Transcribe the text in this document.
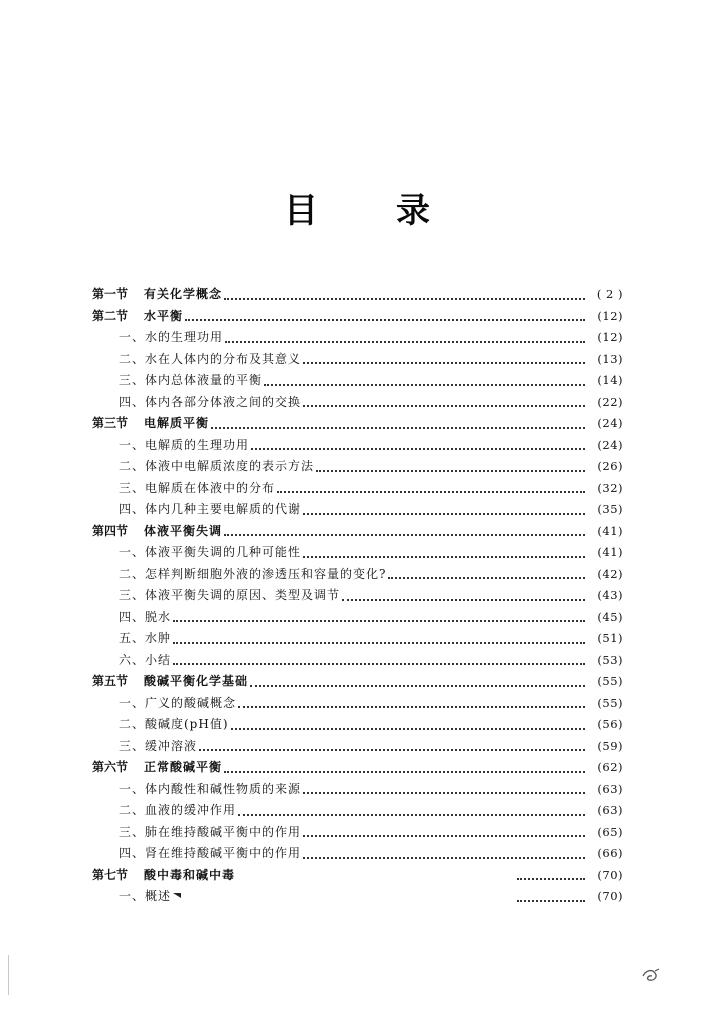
目 录
第一节	有关化学概念	( 2 )
第二节	水平衡	(12)
一、水的生理功用	(12)
二、水在人体内的分布及其意义	(13)
三、体内总体液量的平衡	(14)
四、体内各部分体液之间的交换	(22)
第三节	电解质平衡	(24)
一、电解质的生理功用	(24)
二、体液中电解质浓度的表示方法	(26)
三、电解质在体液中的分布	(32)
四、体内几种主要电解质的代谢	(35)
第四节	体液平衡失调	(41)
一、体液平衡失调的几种可能性	(41)
二、怎样判断细胞外液的渗透压和容量的变化?	(42)
三、体液平衡失调的原因、类型及调节	(43)
四、脱水	(45)
五、水肿	(51)
六、小结	(53)
第五节	酸碱平衡化学基础	(55)
一、广义的酸碱概念	(55)
二、酸碱度(pH值)	(56)
三、缓冲溶液	(59)
第六节	正常酸碱平衡	(62)
一、体内酸性和碱性物质的来源	(63)
二、血液的缓冲作用	(63)
三、肺在维持酸碱平衡中的作用	(65)
四、肾在维持酸碱平衡中的作用	(66)
第七节	酸中毒和碱中毒	(70)
一、概述	(70)
